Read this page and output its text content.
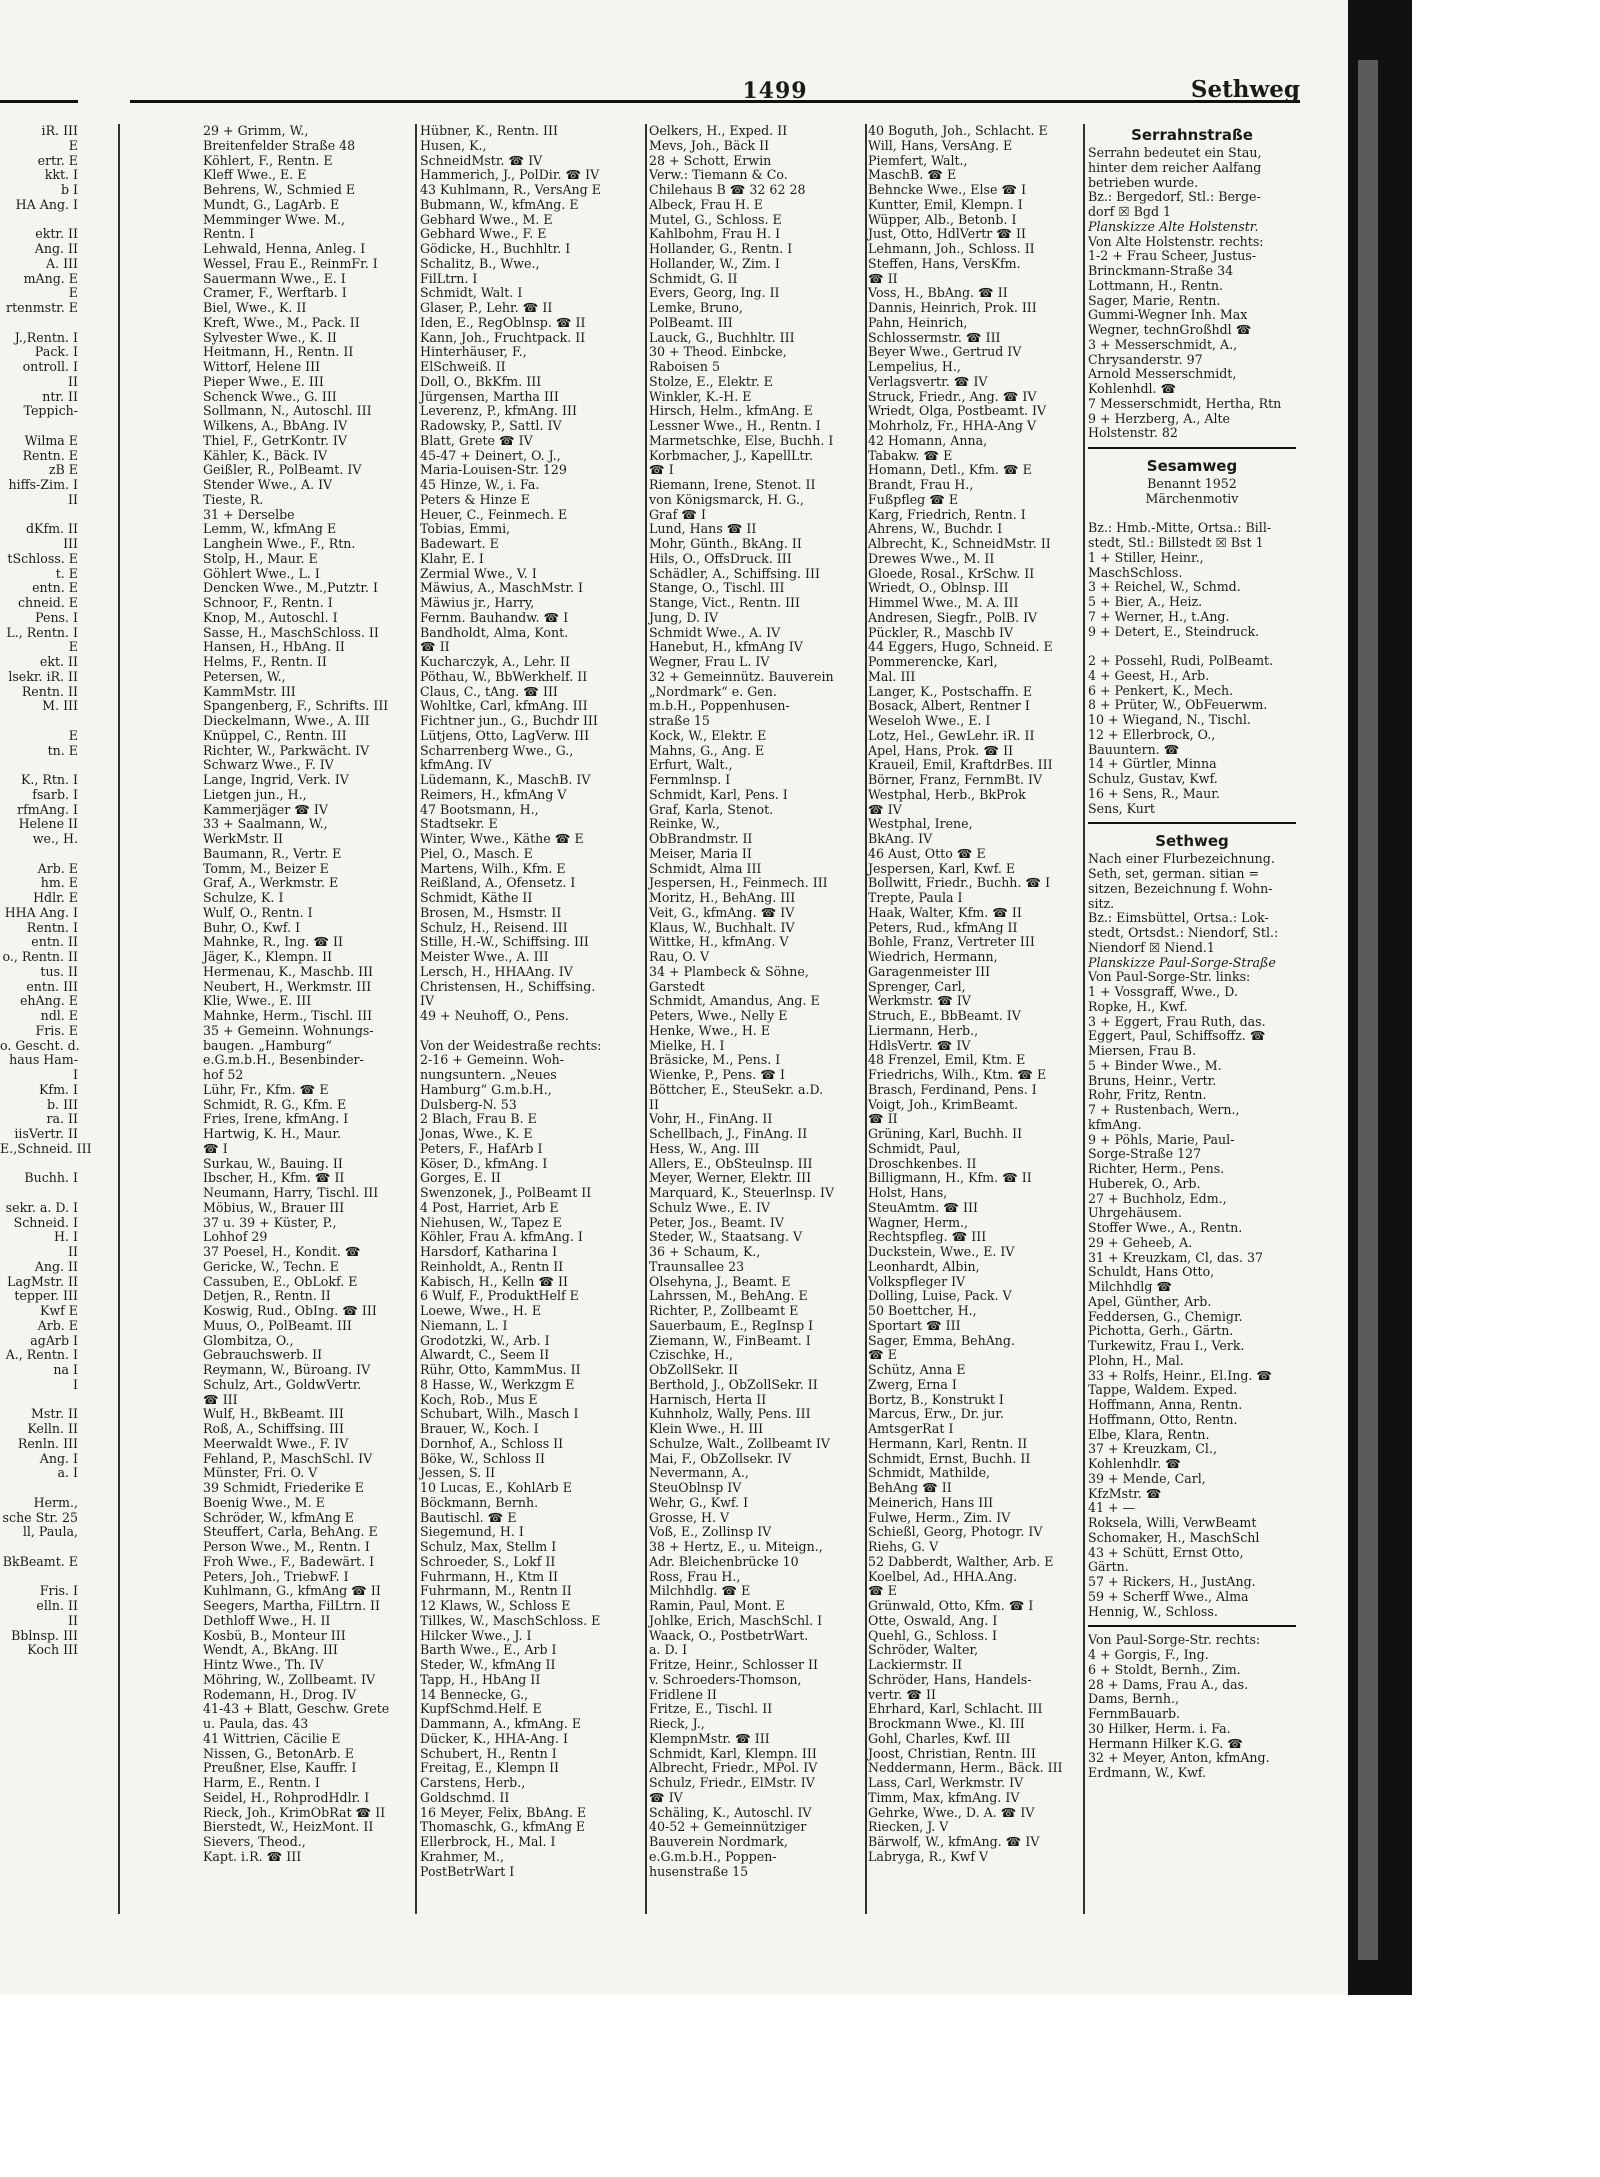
1499	Sethweg
iR. III
E
ertr. E
kkt. I
b I
HA Ang. I
ektr. II
Ang. II
A. III
mAng. E
E
rtenmstr. E
J.,Rentn. I
Pack. I
ontroll. I
II
ntr. II
Teppich-
Wilma E
Rentn. E
zB E
hiffs-Zim. I
II
dKfm. II
III
tSchloss. E
t. E
entn. E
chneid. E
Pens. I
L., Rentn. I
E
ekt. II
lsekr. iR. II
Rentn. II
M. III
E
tn. E
K., Rtn. I
fsarb. I
rfmAng. I
Helene II
we., H.
Arb. E
hm. E
Hdlr. E
HHA Ang. I
Rentn. I
entn. II
o., Rentn. II
tus. II
entn. III
ehAng. E
ndl. E
Fris. E
o. Gescht. d.
haus Ham-
I
Kfm. I
b. III
ra. II
iisVertr. II
E.,Schneid. III
Buchh. I
sekr. a. D. I
Schneid. I
H. I
II
Ang. II
LagMstr. II
tepper. III
Kwf E
Arb. E
agArb I
A., Rentn. I
na I
I
Mstr. II
Kelln. II
Renln. III
Ang. I
a. I
Herm.,
sche Str. 25
ll, Paula,
BkBeamt. E
Fris. I
elln. II
II
Bblnsp. III
Koch III
29 + Grimm, W.,
Breitenfelder Straße 48
Köhlert, F., Rentn. E
Kleff Wwe., E. E
Behrens, W., Schmied E
Mundt, G., LagArb. E
Memminger Wwe. M.,
Rentn. I
Lehwald, Henna, Anleg. I
Wessel, Frau E., ReinmFr. I
Sauermann Wwe., E. I
Cramer, F., Werftarb. I
Biel, Wwe., K. II
Kreft, Wwe., M., Pack. II
Sylvester Wwe., K. II
Heitmann, H., Rentn. II
Wittorf, Helene III
Pieper Wwe., E. III
Schenck Wwe., G. III
Sollmann, N., Autoschl. III
Wilkens, A., BbAng. IV
Thiel, F., GetrKontr. IV
Kähler, K., Bäck. IV
Geißler, R., PolBeamt. IV
Stender Wwe., A. IV
Tieste, R.
31 + Derselbe
Lemm, W., kfmAng E
Langhein Wwe., F., Rtn.
Stolp, H., Maur. E
Göhlert Wwe., L. I
Dencken Wwe., M.,Putztr. I
Schnoor, F., Rentn. I
Knop, M., Autoschl. I
Sasse, H., MaschSchloss. II
Hansen, H., HbAng. II
Helms, F., Rentn. II
Petersen, W.,
KammMstr. III
Spangenberg, F., Schrifts. III
Dieckelmann, Wwe., A. III
Knüppel, C., Rentn. III
Richter, W., Parkwächt. IV
Schwarz Wwe., F. IV
Lange, Ingrid, Verk. IV
Lietgen jun., H.,
Kammerjäger ☎ IV
33 + Saalmann, W.,
WerkMstr. II
Baumann, R., Vertr. E
Tomm, M., Beizer E
Graf, A., Werkmstr. E
Schulze, K. I
Wulf, O., Rentn. I
Buhr, O., Kwf. I
Mahnke, R., Ing. ☎ II
Jäger, K., Klempn. II
Hermenau, K., Maschb. III
Neubert, H., Werkmstr. III
Klie, Wwe., E. III
Mahnke, Herm., Tischl. III
35 + Gemeinn. Wohnungs-
baugen. „Hamburg“
e.G.m.b.H., Besenbinder-
hof 52
Lühr, Fr., Kfm. ☎ E
Schmidt, R. G., Kfm. E
Fries, Irene, kfmAng. I
Hartwig, K. H., Maur.
☎ I
Surkau, W., Bauing. II
Ibscher, H., Kfm. ☎ II
Neumann, Harry, Tischl. III
Möbius, W., Brauer III
37 u. 39 + Küster, P.,
Lohhof 29
37 Poesel, H., Kondit. ☎
Gericke, W., Techn. E
Cassuben, E., ObLokf. E
Detjen, R., Rentn. II
Koswig, Rud., ObIng. ☎ III
Muus, O., PolBeamt. III
Glombitza, O.,
Gebrauchswerb. II
Reymann, W., Büroang. IV
Schulz, Art., GoldwVertr.
☎ III
Wulf, H., BkBeamt. III
Roß, A., Schiffsing. III
Meerwaldt Wwe., F. IV
Fehland, P., MaschSchl. IV
Münster, Fri. O. V
39 Schmidt, Friederike E
Boenig Wwe., M. E
Schröder, W., kfmAng E
Steuffert, Carla, BehAng. E
Person Wwe., M., Rentn. I
Froh Wwe., F., Badewärt. I
Peters, Joh., TriebwF. I
Kuhlmann, G., kfmAng ☎ II
Seegers, Martha, FilLtrn. II
Dethloff Wwe., H. II
Kosbü, B., Monteur III
Wendt, A., BkAng. III
Hintz Wwe., Th. IV
Möhring, W., Zollbeamt. IV
Rodemann, H., Drog. IV
41-43 + Blatt, Geschw. Grete
u. Paula, das. 43
41 Wittrien, Cäcilie E
Nissen, G., BetonArb. E
Preußner, Else, Kauffr. I
Harm, E., Rentn. I
Seidel, H., RohprodHdlr. I
Rieck, Joh., KrimObRat ☎ II
Bierstedt, W., HeizMont. II
Sievers, Theod.,
Kapt. i.R. ☎ III
Hübner, K., Rentn. III
Husen, K.,
SchneidMstr. ☎ IV
Hammerich, J., PolDir. ☎ IV
43 Kuhlmann, R., VersAng E
Bubmann, W., kfmAng. E
Gebhard Wwe., M. E
Gebhard Wwe., F. E
Gödicke, H., Buchhltr. I
Schalitz, B., Wwe.,
FilLtrn. I
Schmidt, Walt. I
Glaser, P., Lehr. ☎ II
Iden, E., RegOblnsp. ☎ II
Kann, Joh., Fruchtpack. II
Hinterhäuser, F.,
ElSchweiß. II
Doll, O., BkKfm. III
Jürgensen, Martha III
Leverenz, P., kfmAng. III
Radowsky, P., Sattl. IV
Blatt, Grete ☎ IV
45-47 + Deinert, O. J.,
Maria-Louisen-Str. 129
45 Hinze, W., i. Fa.
Peters & Hinze E
Heuer, C., Feinmech. E
Tobias, Emmi,
Badewart. E
Klahr, E. I
Zermial Wwe., V. I
Mäwius, A., MaschMstr. I
Mäwius jr., Harry,
Fernm. Bauhandw. ☎ I
Bandholdt, Alma, Kont.
☎ II
Kucharczyk, A., Lehr. II
Pöthau, W., BbWerkhelf. II
Claus, C., tAng. ☎ III
Wohltke, Carl, kfmAng. III
Fichtner jun., G., Buchdr III
Lütjens, Otto, LagVerw. III
Scharrenberg Wwe., G.,
kfmAng. IV
Lüdemann, K., MaschB. IV
Reimers, H., kfmAng V
47 Bootsmann, H.,
Stadtsekr. E
Winter, Wwe., Käthe ☎ E
Piel, O., Masch. E
Martens, Wilh., Kfm. E
Reißland, A., Ofensetz. I
Schmidt, Käthe II
Brosen, M., Hsmstr. II
Schulz, H., Reisend. III
Stille, H.-W., Schiffsing. III
Meister Wwe., A. III
Lersch, H., HHAAng. IV
Christensen, H., Schiffsing.
IV
49 + Neuhoff, O., Pens.
Von der Weidestraße rechts:
2-16 + Gemeinn. Woh-
nungsuntern. „Neues
Hamburg“ G.m.b.H.,
Dulsberg-N. 53
2 Blach, Frau B. E
Jonas, Wwe., K. E
Peters, F., HafArb I
Köser, D., kfmAng. I
Gorges, E. II
Swenzonek, J., PolBeamt II
4 Post, Harriet, Arb E
Niehusen, W., Tapez E
Köhler, Frau A. kfmAng. I
Harsdorf, Katharina I
Reinholdt, A., Rentn II
Kabisch, H., Kelln ☎ II
6 Wulf, F., ProduktHelf E
Loewe, Wwe., H. E
Niemann, L. I
Grodotzki, W., Arb. I
Alwardt, C., Seem II
Rühr, Otto, KammMus. II
8 Hasse, W., Werkzgm E
Koch, Rob., Mus E
Schubart, Wilh., Masch I
Brauer, W., Koch. I
Dornhof, A., Schloss II
Böke, W., Schloss II
Jessen, S. II
10 Lucas, E., KohlArb E
Böckmann, Bernh.
Bautischl. ☎ E
Siegemund, H. I
Schulz, Max, Stellm I
Schroeder, S., Lokf II
Fuhrmann, H., Ktm II
Fuhrmann, M., Rentn II
12 Klaws, W., Schloss E
Tillkes, W., MaschSchloss. E
Hilcker Wwe., J. I
Barth Wwe., E., Arb I
Steder, W., kfmAng II
Tapp, H., HbAng II
14 Bennecke, G.,
KupfSchmd.Helf. E
Dammann, A., kfmAng. E
Dücker, K., HHA-Ang. I
Schubert, H., Rentn I
Freitag, E., Klempn II
Carstens, Herb.,
Goldschmd. II
16 Meyer, Felix, BbAng. E
Thomaschk, G., kfmAng E
Ellerbrock, H., Mal. I
Krahmer, M.,
PostBetrWart I
Oelkers, H., Exped. II
Mevs, Joh., Bäck II
28 + Schott, Erwin
Verw.: Tiemann & Co.
Chilehaus B ☎ 32 62 28
Albeck, Frau H. E
Mutel, G., Schloss. E
Kahlbohm, Frau H. I
Hollander, G., Rentn. I
Hollander, W., Zim. I
Schmidt, G. II
Evers, Georg, Ing. II
Lemke, Bruno,
PolBeamt. III
Lauck, G., Buchhltr. III
30 + Theod. Einbcke,
Raboisen 5
Stolze, E., Elektr. E
Winkler, K.-H. E
Hirsch, Helm., kfmAng. E
Lessner Wwe., H., Rentn. I
Marmetschke, Else, Buchh. I
Korbmacher, J., KapellLtr.
☎ I
Riemann, Irene, Stenot. II
von Königsmarck, H. G.,
Graf ☎ I
Lund, Hans ☎ II
Mohr, Günth., BkAng. II
Hils, O., OffsDruck. III
Schädler, A., Schiffsing. III
Stange, O., Tischl. III
Stange, Vict., Rentn. III
Jung, D. IV
Schmidt Wwe., A. IV
Hanebut, H., kfmAng IV
Wegner, Frau L. IV
32 + Gemeinnütz. Bauverein
„Nordmark“ e. Gen.
m.b.H., Poppenhusen-
straße 15
Kock, W., Elektr. E
Mahns, G., Ang. E
Erfurt, Walt.,
Fernmlnsp. I
Schmidt, Karl, Pens. I
Graf, Karla, Stenot.
Reinke, W.,
ObBrandmstr. II
Meiser, Maria II
Schmidt, Alma III
Jespersen, H., Feinmech. III
Moritz, H., BehAng. III
Veit, G., kfmAng. ☎ IV
Klaus, W., Buchhalt. IV
Wittke, H., kfmAng. V
Rau, O. V
34 + Plambeck & Söhne,
Garstedt
Schmidt, Amandus, Ang. E
Peters, Wwe., Nelly E
Henke, Wwe., H. E
Mielke, H. I
Bräsicke, M., Pens. I
Wienke, P., Pens. ☎ I
Böttcher, E., SteuSekr. a.D.
II
Vohr, H., FinAng. II
Schellbach, J., FinAng. II
Hess, W., Ang. III
Allers, E., ObSteulnsp. III
Meyer, Werner, Elektr. III
Marquard, K., Steuerlnsp. IV
Schulz Wwe., E. IV
Peter, Jos., Beamt. IV
Steder, W., Staatsang. V
36 + Schaum, K.,
Traunsallee 23
Olsehyna, J., Beamt. E
Lahrssen, M., BehAng. E
Richter, P., Zollbeamt E
Sauerbaum, E., RegInsp I
Ziemann, W., FinBeamt. I
Czischke, H.,
ObZollSekr. II
Berthold, J., ObZollSekr. II
Harnisch, Herta II
Kuhnholz, Wally, Pens. III
Klein Wwe., H. III
Schulze, Walt., Zollbeamt IV
Mai, F., ObZollsekr. IV
Nevermann, A.,
SteuOblnsp IV
Wehr, G., Kwf. I
Grosse, H. V
Voß, E., Zollinsp IV
38 + Hertz, E., u. Miteign.,
Adr. Bleichenbrücke 10
Ross, Frau H.,
Milchhdlg. ☎ E
Ramin, Paul, Mont. E
Johlke, Erich, MaschSchl. I
Waack, O., PostbetrWart.
a. D. I
Fritze, Heinr., Schlosser II
v. Schroeders-Thomson,
Fridlene II
Fritze, E., Tischl. II
Rieck, J.,
KlempnMstr. ☎ III
Schmidt, Karl, Klempn. III
Albrecht, Friedr., MPol. IV
Schulz, Friedr., ElMstr. IV
☎ IV
Schäling, K., Autoschl. IV
40-52 + Gemeinnütziger
Bauverein Nordmark,
e.G.m.b.H., Poppen-
husenstraße 15
40 Boguth, Joh., Schlacht. E
Will, Hans, VersAng. E
Piemfert, Walt.,
MaschB. ☎ E
Behncke Wwe., Else ☎ I
Kuntter, Emil, Klempn. I
Wüpper, Alb., Betonb. I
Just, Otto, HdlVertr ☎ II
Lehmann, Joh., Schloss. II
Steffen, Hans, VersKfm.
☎ II
Voss, H., BbAng. ☎ II
Dannis, Heinrich, Prok. III
Pahn, Heinrich,
Schlossermstr. ☎ III
Beyer Wwe., Gertrud IV
Lempelius, H.,
Verlagsvertr. ☎ IV
Struck, Friedr., Ang. ☎ IV
Wriedt, Olga, Postbeamt. IV
Mohrholz, Fr., HHA-Ang V
42 Homann, Anna,
Tabakw. ☎ E
Homann, Detl., Kfm. ☎ E
Brandt, Frau H.,
Fußpfleg ☎ E
Karg, Friedrich, Rentn. I
Ahrens, W., Buchdr. I
Albrecht, K., SchneidMstr. II
Drewes Wwe., M. II
Gloede, Rosal., KrSchw. II
Wriedt, O., Oblnsp. III
Himmel Wwe., M. A. III
Andresen, Siegfr., PolB. IV
Pückler, R., Maschb IV
44 Eggers, Hugo, Schneid. E
Pommerencke, Karl,
Mal. III
Langer, K., Postschaffn. E
Bosack, Albert, Rentner I
Weseloh Wwe., E. I
Lotz, Hel., GewLehr. iR. II
Apel, Hans, Prok. ☎ II
Kraueil, Emil, KraftdrBes. III
Börner, Franz, FernmBt. IV
Westphal, Herb., BkProk
☎ IV
Westphal, Irene,
BkAng. IV
46 Aust, Otto ☎ E
Jespersen, Karl, Kwf. E
Bollwitt, Friedr., Buchh. ☎ I
Trepte, Paula I
Haak, Walter, Kfm. ☎ II
Peters, Rud., kfmAng II
Bohle, Franz, Vertreter III
Wiedrich, Hermann,
Garagenmeister III
Sprenger, Carl,
Werkmstr. ☎ IV
Struch, E., BbBeamt. IV
Liermann, Herb.,
HdlsVertr. ☎ IV
48 Frenzel, Emil, Ktm. E
Friedrichs, Wilh., Ktm. ☎ E
Brasch, Ferdinand, Pens. I
Voigt, Joh., KrimBeamt.
☎ II
Grüning, Karl, Buchh. II
Schmidt, Paul,
Droschkenbes. II
Billigmann, H., Kfm. ☎ II
Holst, Hans,
SteuAmtm. ☎ III
Wagner, Herm.,
Rechtspfleg. ☎ III
Duckstein, Wwe., E. IV
Leonhardt, Albin,
Volkspfleger IV
Dolling, Luise, Pack. V
50 Boettcher, H.,
Sportart ☎ III
Sager, Emma, BehAng.
☎ E
Schütz, Anna E
Zwerg, Erna I
Bortz, B., Konstrukt I
Marcus, Erw., Dr. jur.
AmtsgerRat I
Hermann, Karl, Rentn. II
Schmidt, Ernst, Buchh. II
Schmidt, Mathilde,
BehAng ☎ II
Meinerich, Hans III
Fulwe, Herm., Zim. IV
Schießl, Georg, Photogr. IV
Riehs, G. V
52 Dabberdt, Walther, Arb. E
Koelbel, Ad., HHA.Ang.
☎ E
Grünwald, Otto, Kfm. ☎ I
Otte, Oswald, Ang. I
Quehl, G., Schloss. I
Schröder, Walter,
Lackiermstr. II
Schröder, Hans, Handels-
vertr. ☎ II
Ehrhard, Karl, Schlacht. III
Brockmann Wwe., Kl. III
Gohl, Charles, Kwf. III
Joost, Christian, Rentn. III
Neddermann, Herm., Bäck. III
Lass, Carl, Werkmstr. IV
Timm, Max, kfmAng. IV
Gehrke, Wwe., D. A. ☎ IV
Riecken, J. V
Bärwolf, W., kfmAng. ☎ IV
Labryga, R., Kwf V
Serrahnstraße
Serrahn bedeutet ein Stau,
hinter dem reicher Aalfang
betrieben wurde.
Bz.: Bergedorf, Stl.: Berge-
dorf ☒ Bgd 1
Planskizze Alte Holstenstr.
Von Alte Holstenstr. rechts:
1-2 + Frau Scheer, Justus-
Brinckmann-Straße 34
Lottmann, H., Rentn.
Sager, Marie, Rentn.
Gummi-Wegner Inh. Max
Wegner, technGroßhdl ☎
3 + Messerschmidt, A.,
Chrysanderstr. 97
Arnold Messerschmidt,
Kohlenhdl. ☎
7 Messerschmidt, Hertha, Rtn
9 + Herzberg, A., Alte
Holstenstr. 82
Sesamweg
Benannt 1952
Märchenmotiv
Bz.: Hmb.-Mitte, Ortsa.: Bill-
stedt, Stl.: Billstedt ☒ Bst 1
1 + Stiller, Heinr.,
MaschSchloss.
3 + Reichel, W., Schmd.
5 + Bier, A., Heiz.
7 + Werner, H., t.Ang.
9 + Detert, E., Steindruck.
2 + Possehl, Rudi, PolBeamt.
4 + Geest, H., Arb.
6 + Penkert, K., Mech.
8 + Prüter, W., ObFeuerwm.
10 + Wiegand, N., Tischl.
12 + Ellerbrock, O.,
Bauuntern. ☎
14 + Gürtler, Minna
Schulz, Gustav, Kwf.
16 + Sens, R., Maur.
Sens, Kurt
Sethweg
Nach einer Flurbezeichnung.
Seth, set, german. sitian =
sitzen, Bezeichnung f. Wohn-
sitz.
Bz.: Eimsbüttel, Ortsa.: Lok-
stedt, Ortsdst.: Niendorf, Stl.:
Niendorf ☒ Niend.1
Planskizze Paul-Sorge-Straße
Von Paul-Sorge-Str. links:
1 + Vossgraff, Wwe., D.
Ropke, H., Kwf.
3 + Eggert, Frau Ruth, das.
Eggert, Paul, Schiffsoffz. ☎
Miersen, Frau B.
5 + Binder Wwe., M.
Bruns, Heinr., Vertr.
Rohr, Fritz, Rentn.
7 + Rustenbach, Wern.,
kfmAng.
9 + Pöhls, Marie, Paul-
Sorge-Straße 127
Richter, Herm., Pens.
Huberek, O., Arb.
27 + Buchholz, Edm.,
Uhrgehäusem.
Stoffer Wwe., A., Rentn.
29 + Geheeb, A.
31 + Kreuzkam, Cl, das. 37
Schuldt, Hans Otto,
Milchhdlg ☎
Apel, Günther, Arb.
Feddersen, G., Chemigr.
Pichotta, Gerh., Gärtn.
Turkewitz, Frau I., Verk.
Plohn, H., Mal.
33 + Rolfs, Heinr., El.Ing. ☎
Tappe, Waldem. Exped.
Hoffmann, Anna, Rentn.
Hoffmann, Otto, Rentn.
Elbe, Klara, Rentn.
37 + Kreuzkam, Cl.,
Kohlenhdlr. ☎
39 + Mende, Carl,
KfzMstr. ☎
41 + —
Roksela, Willi, VerwBeamt
Schomaker, H., MaschSchl
43 + Schütt, Ernst Otto,
Gärtn.
57 + Rickers, H., JustAng.
59 + Scherff Wwe., Alma
Hennig, W., Schloss.
Von Paul-Sorge-Str. rechts:
4 + Gorgis, F., Ing.
6 + Stoldt, Bernh., Zim.
28 + Dams, Frau A., das.
Dams, Bernh.,
FernmBauarb.
30 Hilker, Herm. i. Fa.
Hermann Hilker K.G. ☎
32 + Meyer, Anton, kfmAng.
Erdmann, W., Kwf.
